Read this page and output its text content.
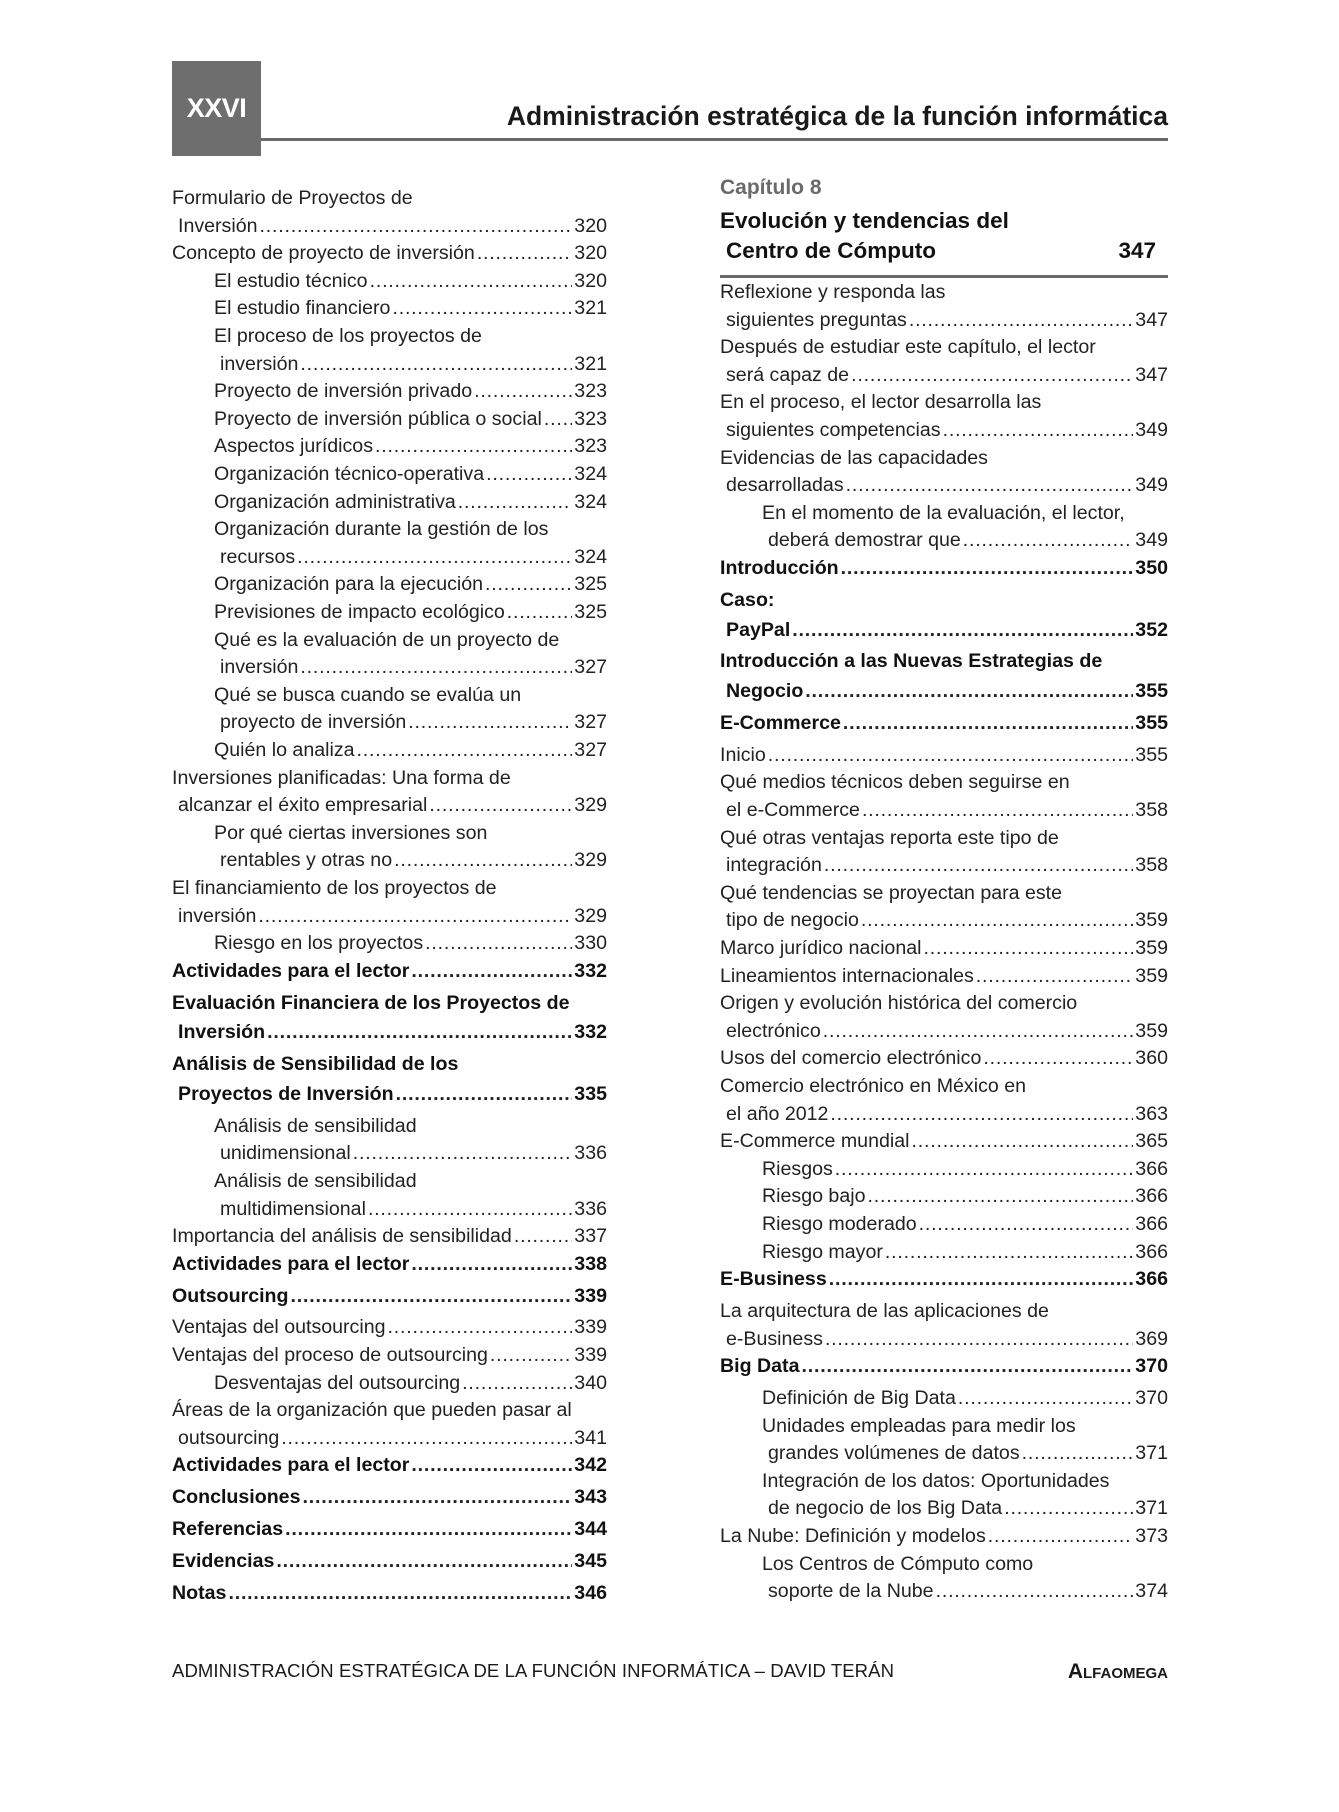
XXVI	Administración estratégica de la función informática
Formulario de Proyectos de
Inversión .....	320
Concepto de proyecto de inversión .....	320
El estudio técnico .....	320
El estudio financiero .....	321
El proceso de los proyectos de
inversión .....	321
Proyecto de inversión privado .....	323
Proyecto de inversión pública o social ..... 323
Aspectos jurídicos .....	323
Organización técnico-operativa .....	324
Organización administrativa .....	324
Organización durante la gestión de los
recursos .....	324
Organización para la ejecución .....	325
Previsiones de impacto ecológico .....	325
Qué es la evaluación de un proyecto de
inversión .....	327
Qué se busca cuando se evalúa un
proyecto de inversión .....	327
Quién lo analiza .....	327
Inversiones planificadas: Una forma de
alcanzar el éxito empresarial .....	329
Por qué ciertas inversiones son
rentables y otras no .....	329
El financiamiento de los proyectos de
inversión .....	329
Riesgo en los proyectos .....	330
Actividades para el lector .....	332
Evaluación Financiera de los Proyectos de
Inversión .....	332
Análisis de Sensibilidad de los
Proyectos de Inversión .....	335
Análisis de sensibilidad
unidimensional .....	336
Análisis de sensibilidad
multidimensional .....	336
Importancia del análisis de sensibilidad .....	337
Actividades para el lector .....	338
Outsourcing .....	339
Ventajas del outsourcing .....	339
Ventajas del proceso de outsourcing .....	339
Desventajas del outsourcing .....	340
Áreas de la organización que pueden pasar al
outsourcing .....	341
Actividades para el lector .....	342
Conclusiones .....	343
Referencias .....	344
Evidencias .....	345
Notas .....	346
Capítulo 8
Evolución y tendencias del
Centro de Cómputo	347
Reflexione y responda las
siguientes preguntas .....	347
Después de estudiar este capítulo, el lector
será capaz de .....	347
En el proceso, el lector desarrolla las
siguientes competencias .....	349
Evidencias de las capacidades
desarrolladas .....	349
En el momento de la evaluación, el lector,
deberá demostrar que .....	349
Introducción .....	350
Caso:
PayPal .....	352
Introducción a las Nuevas Estrategias de
Negocio .....	355
E-Commerce .....	355
Inicio .....	355
Qué medios técnicos deben seguirse en
el e-Commerce .....	358
Qué otras ventajas reporta este tipo de
integración .....	358
Qué tendencias se proyectan para este
tipo de negocio .....	359
Marco jurídico nacional .....	359
Lineamientos internacionales .....	359
Origen y evolución histórica del comercio
electrónico .....	359
Usos del comercio electrónico .....	360
Comercio electrónico en México en
el año 2012 .....	363
E-Commerce mundial .....	365
Riesgos .....	366
Riesgo bajo .....	366
Riesgo moderado .....	366
Riesgo mayor .....	366
E-Business .....	366
La arquitectura de las aplicaciones de
e-Business .....	369
Big Data .....	370
Definición de Big Data .....	370
Unidades empleadas para medir los
grandes volúmenes de datos .....	371
Integración de los datos: Oportunidades
de negocio de los Big Data .....	371
La Nube: Definición y modelos .....	373
Los Centros de Cómputo como
soporte de la Nube .....	374
ADMINISTRACIÓN ESTRATÉGICA DE LA FUNCIÓN INFORMÁTICA – DAVID TERÁN	ALFAOMEGA
